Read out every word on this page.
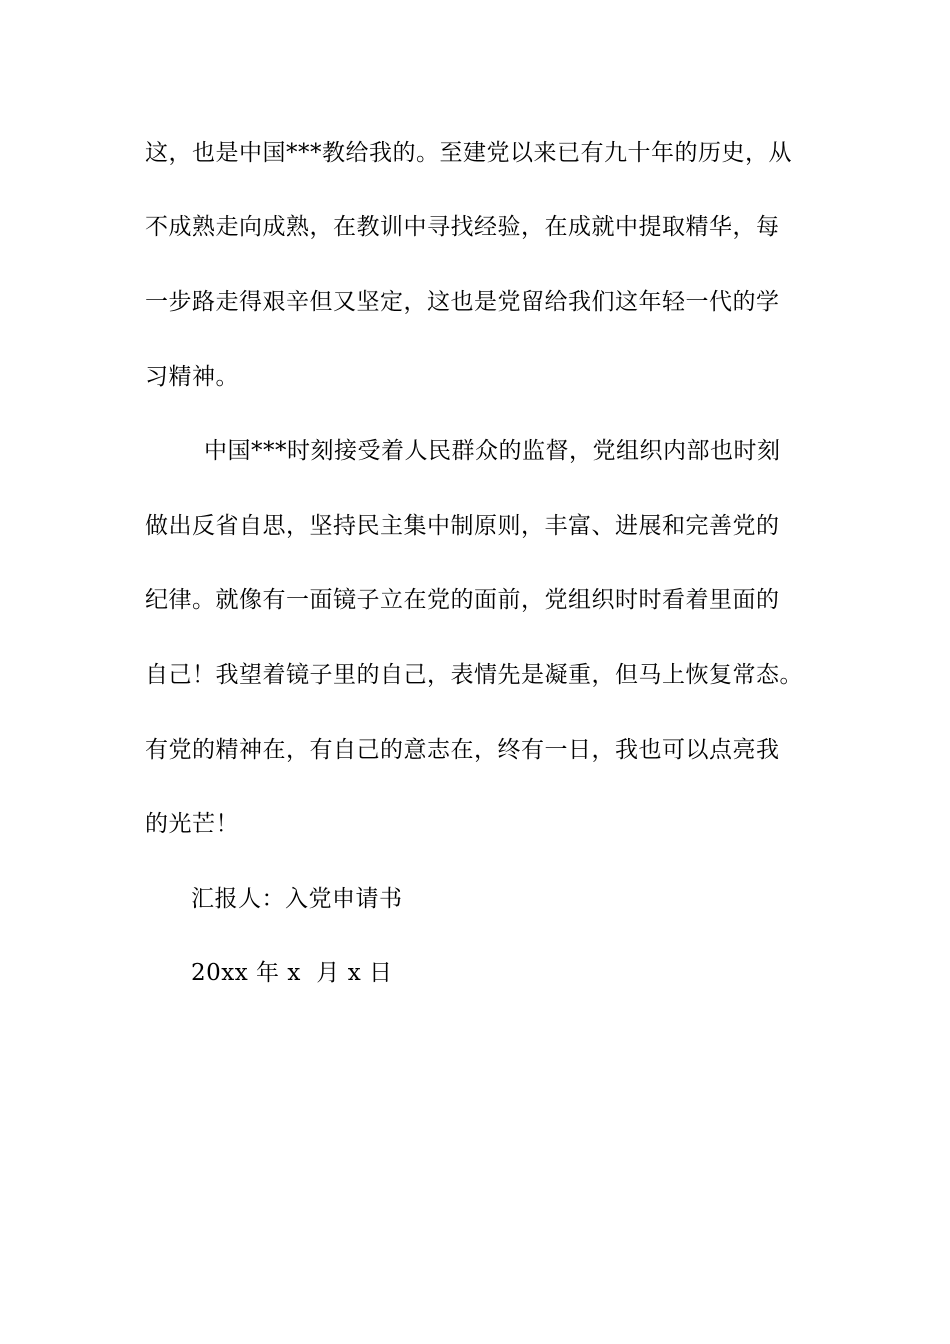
这，也是中国***教给我的。至建党以来已有九十年的历史，从
不成熟走向成熟，在教训中寻找经验，在成就中提取精华，每
一步路走得艰辛但又坚定，这也是党留给我们这年轻一代的学
习精神。
中国***时刻接受着人民群众的监督，党组织内部也时刻
做出反省自思，坚持民主集中制原则，丰富、进展和完善党的
纪律。就像有一面镜子立在党的面前，党组织时时看着里面的
自己！我望着镜子里的自己，表情先是凝重，但马上恢复常态。
有党的精神在，有自己的意志在，终有一日，我也可以点亮我
的光芒！
汇报人：入党申请书
20xx 年 x  月 x 日
